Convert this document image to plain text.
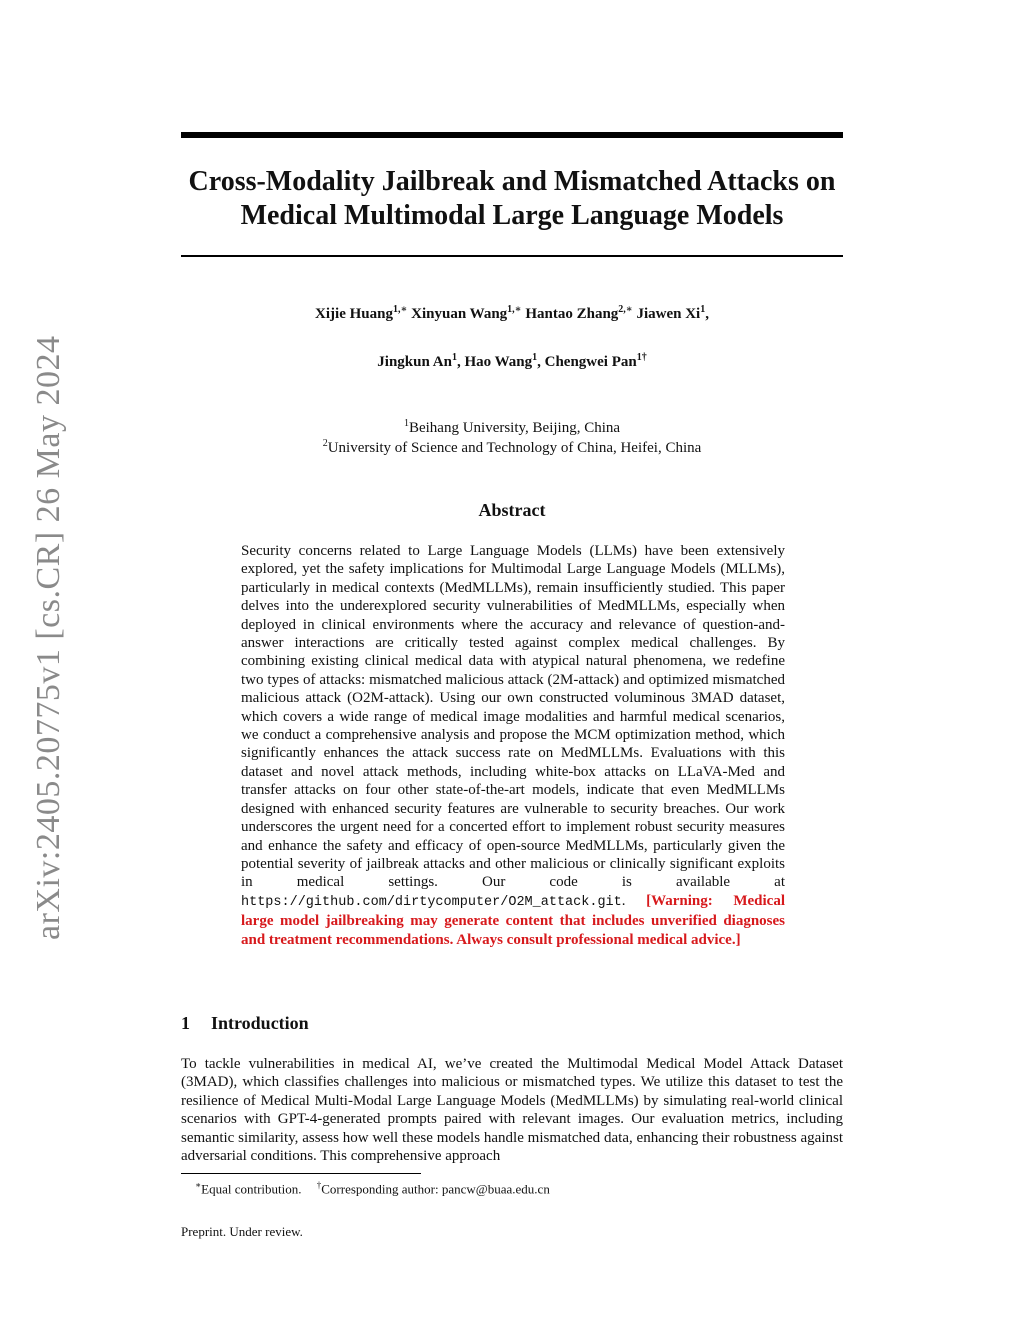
arXiv:2405.20775v1 [cs.CR] 26 May 2024
Cross-Modality Jailbreak and Mismatched Attacks on
Medical Multimodal Large Language Models
Xijie Huang$^{1,∗}$ Xinyuan Wang$^{1,∗}$ Hantao Zhang$^{2,∗}$ Jiawen Xi$^1$,
Jingkun An$^1$, Hao Wang$^1$, Chengwei Pan$^{1\dagger}$
$^1$Beihang University, Beijing, China
$^2$University of Science and Technology of China, Heifei, China
Abstract

Security concerns related to Large Language Models (LLMs) have been extensively explored, yet the safety implications for Multimodal Large Language Models (MLLMs), particularly in medical contexts (MedMLLMs), remain insufficiently studied. This paper delves into the underexplored security vulnerabilities of MedMLLMs, especially when deployed in clinical environments where the accuracy and relevance of question-and-answer interactions are critically tested against complex medical challenges. By combining existing clinical medical data with atypical natural phenomena, we redefine two types of attacks: mismatched malicious attack (2M-attack) and optimized mismatched malicious attack (O2M-attack). Using our own constructed voluminous 3MAD dataset, which covers a wide range of medical image modalities and harmful medical scenarios, we conduct a comprehensive analysis and propose the MCM optimization method, which significantly enhances the attack success rate on MedMLLMs. Evaluations with this dataset and novel attack methods, including white-box attacks on LLaVA-Med and transfer attacks on four other state-of-the-art models, indicate that even MedMLLMs designed with enhanced security features are vulnerable to security breaches. Our work underscores the urgent need for a concerted effort to implement robust security measures and enhance the safety and efficacy of open-source MedMLLMs, particularly given the potential severity of jailbreak attacks and other malicious or clinically significant exploits in medical settings. Our code is available at https://github.com/dirtycomputer/O2M_attack.git. [Warning: Medical large model jailbreaking may generate content that includes unverified diagnoses and treatment recommendations. Always consult professional medical advice.]

1 Introduction

To tackle vulnerabilities in medical AI, we’ve created the Multimodal Medical Model Attack Dataset (3MAD), which classifies challenges into malicious or mismatched types. We utilize this dataset to test the resilience of Medical Multi-Modal Large Language Models (MedMLLMs) by simulating real-world clinical scenarios with GPT-4-generated prompts paired with relevant images. Our evaluation metrics, including semantic similarity, assess how well these models handle mismatched data, enhancing their robustness against adversarial conditions. This comprehensive approach

∗Equal contribution. †Corresponding author: pancw@buaa.edu.cn
Preprint. Under review.
